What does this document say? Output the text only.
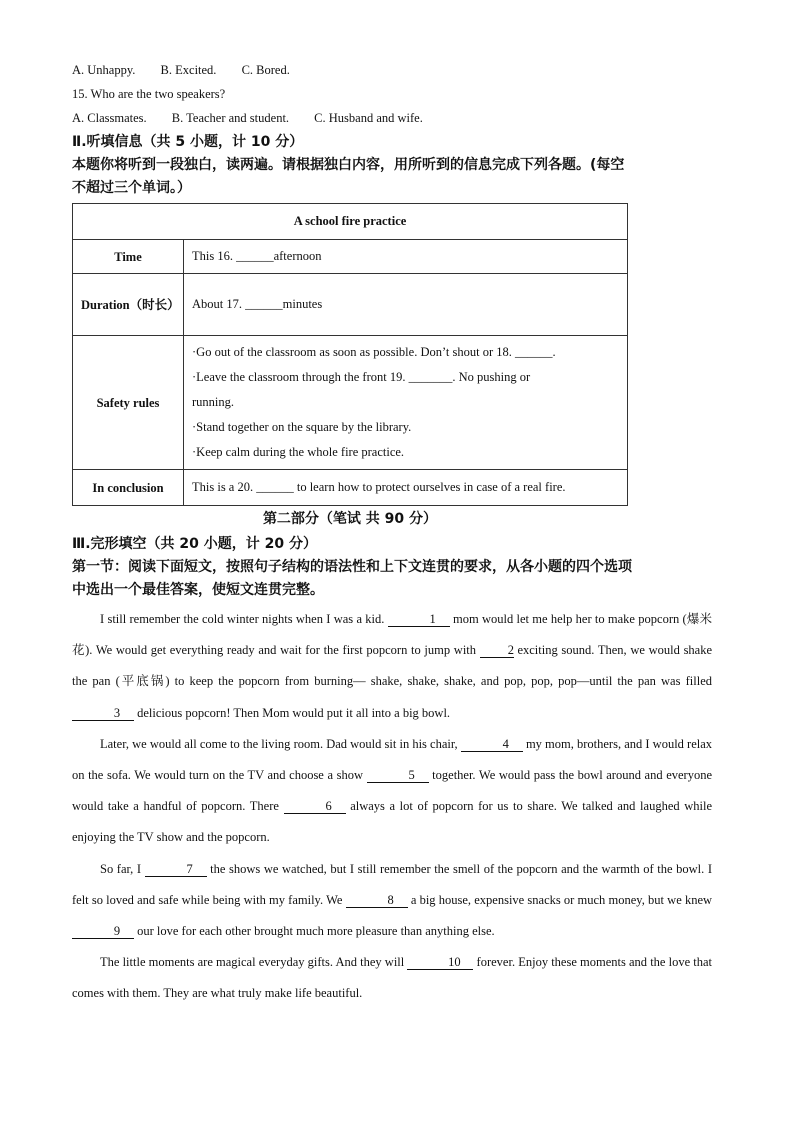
A. Unhappy. B. Excited. C. Bored.
15. Who are the two speakers?
A. Classmates. B. Teacher and student. C. Husband and wife.
Ⅱ.听填信息（共 5 小题，计 10 分）
本题你将听到一段独白，读两遍。请根据独白内容，用所听到的信息完成下列各题。(每空
不超过三个单词。）
A school fire practice	
Time	This 16. ______afternoon
Duration（时长）	About 17. ______minutes
Safety rules	·Go out of the classroom as soon as possible. Don’t shout or 18. ______.
·Leave the classroom through the front 19. _______. No pushing or
running.
·Stand together on the square by the library.
·Keep calm during the whole fire practice.

In conclusion	This is a 20. ______ to learn how to protect ourselves in case of a real fire.
第二部分（笔试 共 90 分）
Ⅲ.完形填空（共 20 小题，计 20 分）
第一节：阅读下面短文，按照句子结构的语法性和上下文连贯的要求，从各小题的四个选项
中选出一个最佳答案，使短文连贯完整。
I still remember the cold winter nights when I was a kid.	1 mom would let me help her to make popcorn (爆米花). We would get everything ready and wait for the first popcorn to jump with	2 exciting sound. Then, we would shake the pan (平底锅) to keep the popcorn from burning— shake, shake, shake, and pop, pop, pop—until the pan was filled 3 delicious popcorn! Then Mom would put it all into a big bowl.
Later, we would all come to the living room. Dad would sit in his chair,	4 my mom, brothers, and I would relax on the sofa. We would turn on the TV and choose a show	5 together. We would pass the bowl around and everyone would take a handful of popcorn. There	6 always a lot of popcorn for us to share. We talked and laughed while enjoying the TV show and the popcorn.
So far, I	7 the shows we watched, but I still remember the smell of the popcorn and the warmth of the bowl. I felt so loved and safe while being with my family. We	8 a big house, expensive snacks or much money, but we knew 9 our love for each other brought much more pleasure than anything else.
The little moments are magical everyday gifts. And they will	10 forever. Enjoy these moments and the love that comes with them. They are what truly make life beautiful.
